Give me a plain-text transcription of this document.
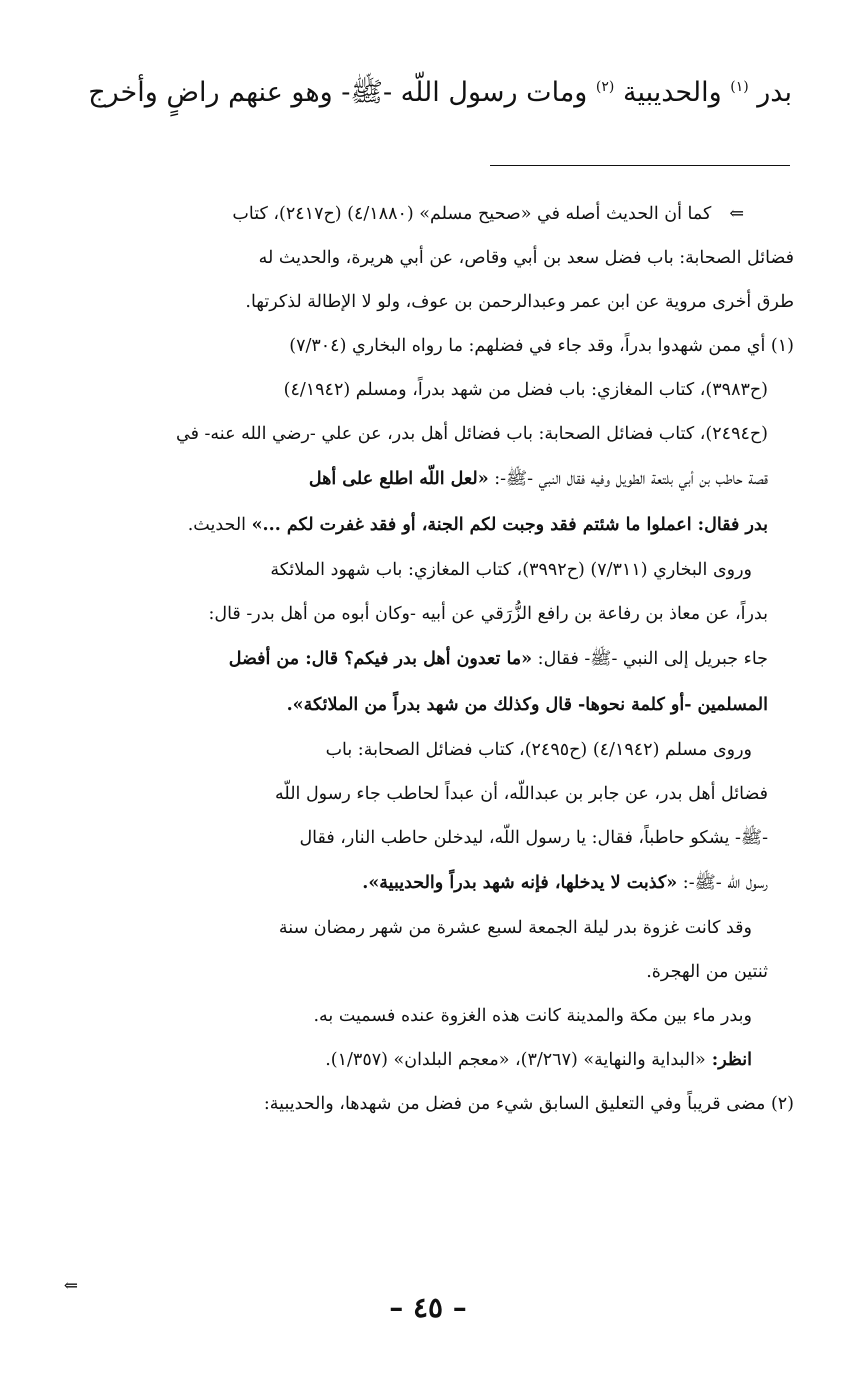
بدر $^{(١)}$ والحديبية $^{(٢)}$ ومات رسول اللّه -ﷺ- وهو عنهم راضٍ وأخرج
⇐كما أن الحديث أصله في «صحيح مسلم» (٤/١٨٨٠) (ح٢٤١٧)، كتاب
فضائل الصحابة: باب فضل سعد بن أبي وقاص، عن أبي هريرة، والحديث له
طرق أخرى مروية عن ابن عمر وعبدالرحمن بن عوف، ولو لا الإطالة لذكرتها.
(١) أي ممن شهدوا بدراً، وقد جاء في فضلهم: ما رواه البخاري (٧/٣٠٤)
(ح٣٩٨٣)، كتاب المغازي: باب فضل من شهد بدراً، ومسلم (٤/١٩٤٢)
(ح٢٤٩٤)، كتاب فضائل الصحابة: باب فضائل أهل بدر، عن علي -رضي الله عنه- في
قصة حاطب بن أبي بلتعة الطويل وفيه فقال النبي -ﷺ-: «لعل اللّه اطلع على أهل
بدر فقال: اعملوا ما شئتم فقد وجبت لكم الجنة، أو فقد غفرت لكم ...» الحديث.
وروى البخاري (٧/٣١١) (ح٣٩٩٢)، كتاب المغازي: باب شهود الملائكة
بدراً، عن معاذ بن رفاعة بن رافع الزُّرَقي عن أبيه -وكان أبوه من أهل بدر- قال:
جاء جبريل إلى النبي -ﷺ- فقال: «ما تعدون أهل بدر فيكم؟ قال: من أفضل
المسلمين -أو كلمة نحوها- قال وكذلك من شهد بدراً من الملائكة».
وروى مسلم (٤/١٩٤٢) (ح٢٤٩٥)، كتاب فضائل الصحابة: باب
فضائل أهل بدر، عن جابر بن عبداللّه، أن عبداً لحاطب جاء رسول اللّه
-ﷺ- يشكو حاطباً، فقال: يا رسول اللّه، ليدخلن حاطب النار، فقال
رسول اللّه -ﷺ-: «كذبت لا يدخلها، فإنه شهد بدراً والحديبية».
وقد كانت غزوة بدر ليلة الجمعة لسبع عشرة من شهر رمضان سنة
ثنتين من الهجرة.
وبدر ماء بين مكة والمدينة كانت هذه الغزوة عنده فسميت به.
انظر: «البداية والنهاية» (٣/٢٦٧)، «معجم البلدان» (١/٣٥٧).
(٢) مضى قريباً وفي التعليق السابق شيء من فضل من شهدها، والحديبية:
⇐
– ٤٥ –
